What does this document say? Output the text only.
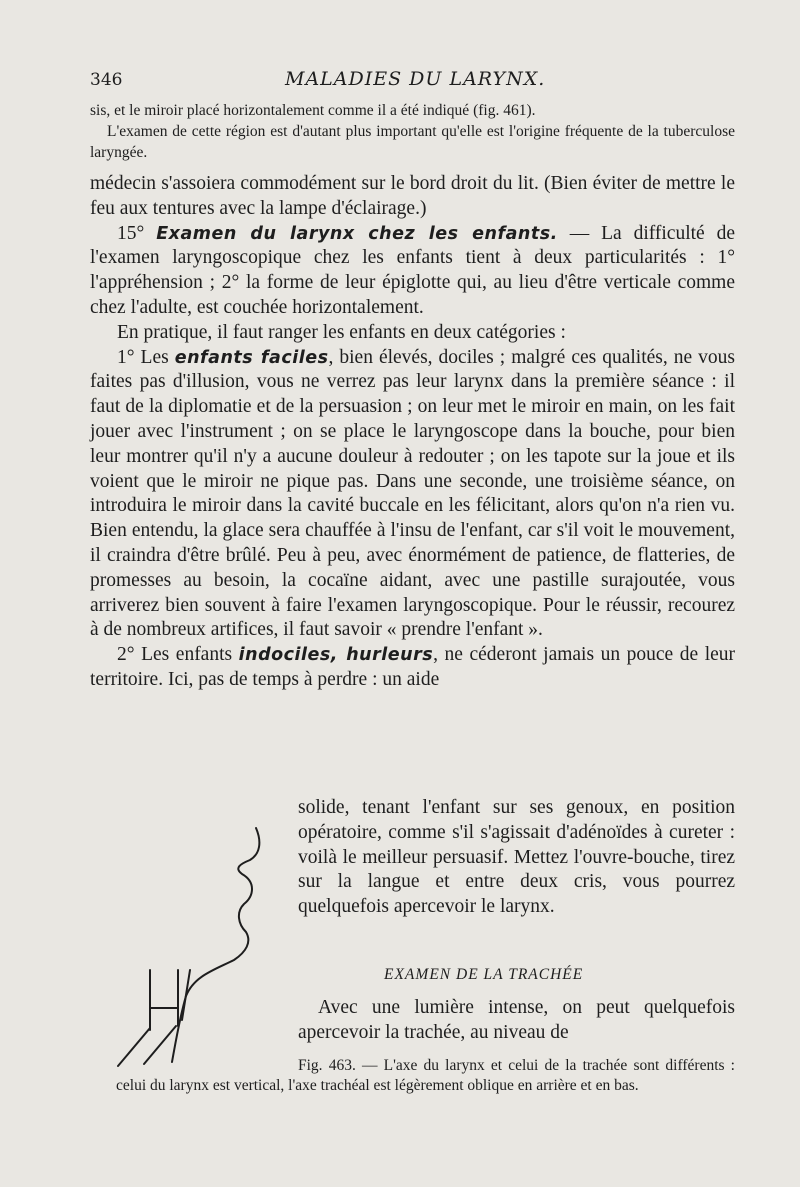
346	MALADIES DU LARYNX.

sis, et le miroir placé horizontalement comme il a été indiqué (fig. 461).

L'examen de cette région est d'autant plus important qu'elle est l'origine fréquente de la tuberculose laryngée.

médecin s'assoiera commodément sur le bord droit du lit. (Bien éviter de mettre le feu aux tentures avec la lampe d'éclairage.)

15° Examen du larynx chez les enfants. — La difficulté de l'examen laryngoscopique chez les enfants tient à deux particularités : 1° l'appréhension ; 2° la forme de leur épiglotte qui, au lieu d'être verticale comme chez l'adulte, est couchée horizontalement.

En pratique, il faut ranger les enfants en deux catégories :

1° Les enfants faciles, bien élevés, dociles ; malgré ces qualités, ne vous faites pas d'illusion, vous ne verrez pas leur larynx dans la première séance : il faut de la diplomatie et de la persuasion ; on leur met le miroir en main, on les fait jouer avec l'instrument ; on se place le laryngoscope dans la bouche, pour bien leur montrer qu'il n'y a aucune douleur à redouter ; on les tapote sur la joue et ils voient que le miroir ne pique pas. Dans une seconde, une troisième séance, on introduira le miroir dans la cavité buccale en les félicitant, alors qu'on n'a rien vu. Bien entendu, la glace sera chauffée à l'insu de l'enfant, car s'il voit le mouvement, il craindra d'être brûlé. Peu à peu, avec énormément de patience, de flatteries, de promesses au besoin, la cocaïne aidant, avec une pastille surajoutée, vous arriverez bien souvent à faire l'examen laryngoscopique. Pour le réussir, recourez à de nombreux artifices, il faut savoir « prendre l'enfant ».

2° Les enfants indociles, hurleurs, ne céderont jamais un pouce de leur territoire. Ici, pas de temps à perdre : un aide

solide, tenant l'enfant sur ses genoux, en position opératoire, comme s'il s'agissait d'adénoïdes à cureter : voilà le meilleur persuasif. Mettez l'ouvre-bouche, tirez sur la langue et entre deux cris, vous pourrez quelquefois apercevoir le larynx.

EXAMEN DE LA TRACHÉE

Avec une lumière intense, on peut quelquefois apercevoir la trachée, au niveau de

Fig. 463. — L'axe du larynx et celui de la trachée sont différents : celui du larynx est vertical, l'axe trachéal est légèrement oblique en arrière et en bas.
